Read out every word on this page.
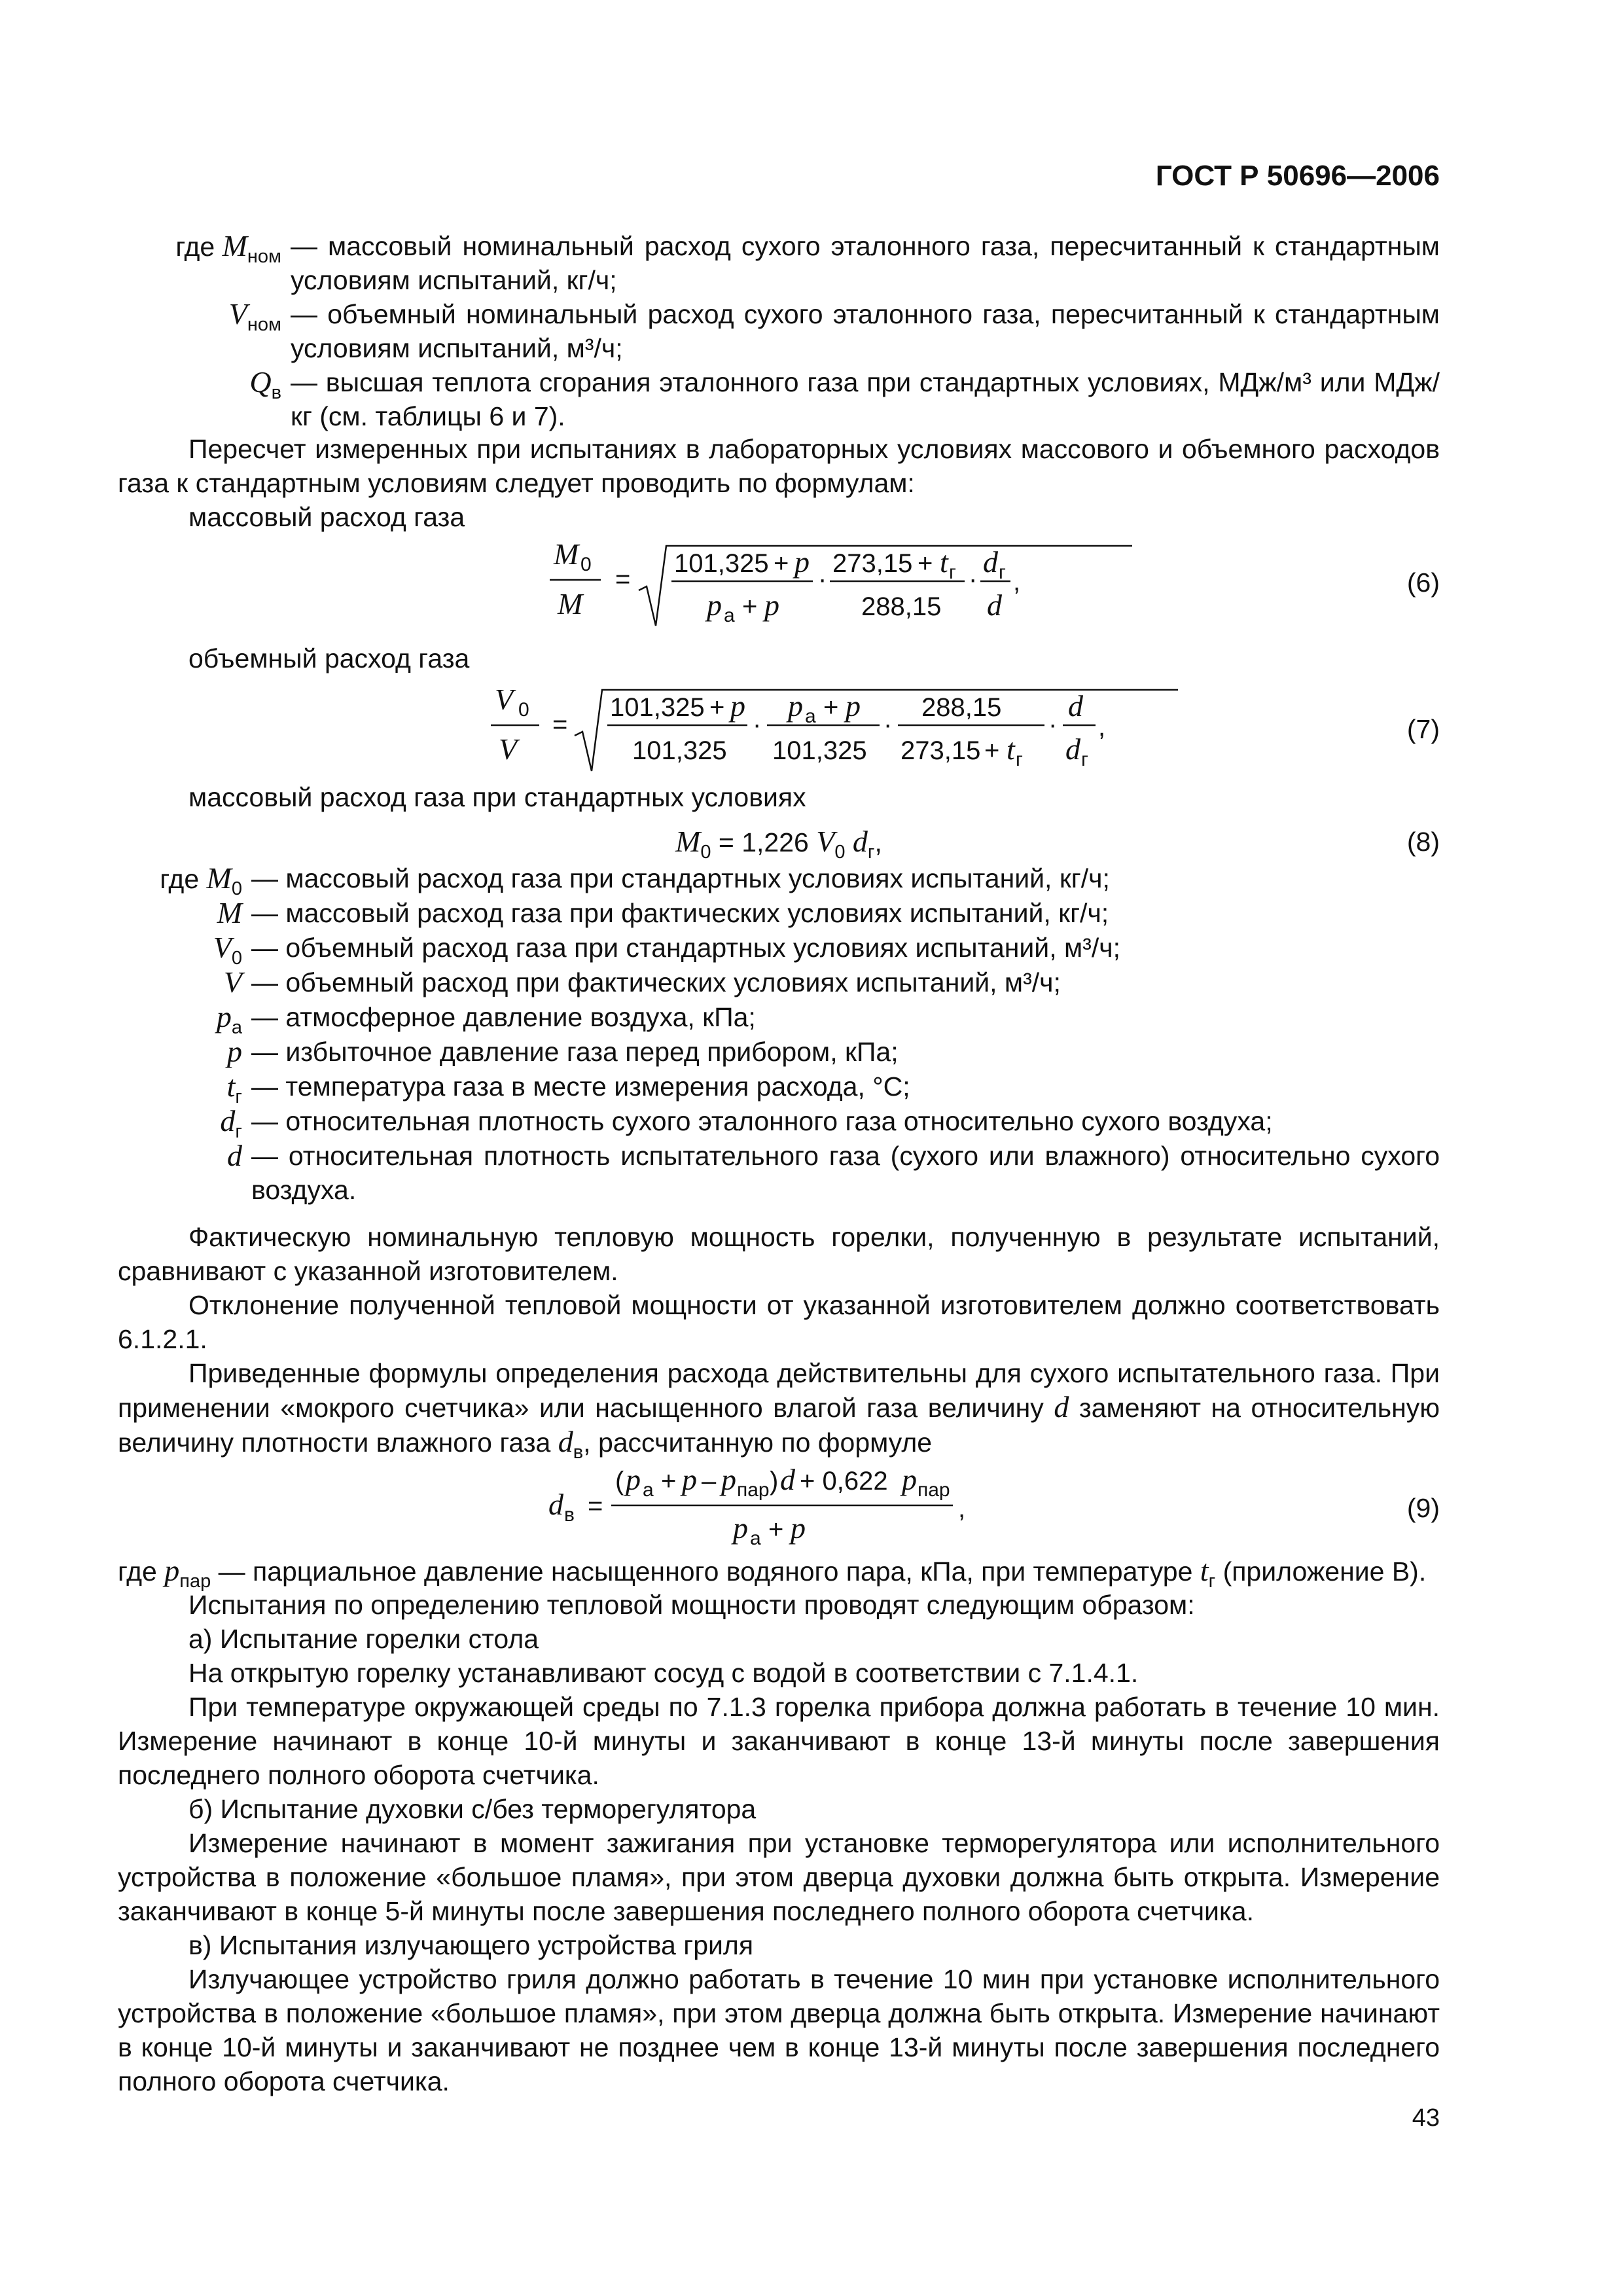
ГОСТ Р 50696—2006
где $M_{ном}$ — массовый номинальный расход сухого эталонного газа, пересчитанный к стандартным условиям испытаний, кг/ч;
$V_{ном}$ — объемный номинальный расход сухого эталонного газа, пересчитанный к стандартным условиям испытаний, м³/ч;
$Q_в$ — высшая теплота сгорания эталонного газа при стандартных условиях, МДж/м³ или МДж/кг (см. таблицы 6 и 7).

Пересчет измеренных при испытаниях в лабораторных условиях массового и объемного расходов газа к стандартным условиям следует проводить по формулам:

массовый расход газа

M 0
M
=
101,325 + p
p а + p
·
273,15 + t г
288,15
·
d г
d
,	(6)

объемный расход газа

V 0
V
=
101,325 + p
101,325
·
p а + p
101,325
·
288,15
273,15 + t г
·
d
d г
,	(7)

массовый расход газа при стандартных условиях

$M_0 = 1,226$ $V_0$ $d_г$,	(8)
где $M_0$ — массовый расход газа при стандартных условиях испытаний, кг/ч;
M — массовый расход газа при фактических условиях испытаний, кг/ч;
$V_0$ — объемный расход газа при стандартных условиях испытаний, м³/ч;
V — объемный расход при фактических условиях испытаний, м³/ч;
$p_а$ — атмосферное давление воздуха, кПа;
p — избыточное давление газа перед прибором, кПа;
$t_г$ — температура газа в месте измерения расхода, °С;
$d_г$ — относительная плотность сухого эталонного газа относительно сухого воздуха;
d — относительная плотность испытательного газа (сухого или влажного) относительно сухого воздуха.

Фактическую номинальную тепловую мощность горелки, полученную в результате испытаний, сравнивают с указанной изготовителем.

Отклонение полученной тепловой мощности от указанной изготовителем должно соответствовать 6.1.2.1.

Приведенные формулы определения расхода действительны для сухого испытательного газа. При применении «мокрого счетчика» или насыщенного влагой газа величину d заменяют на относительную величину плотности влажного газа $d_в$, рассчитанную по формуле

d в =
( p а + p – p пар ) d + 0,622 p пар
p а + p
,	(9)

где $p_{пар}$ — парциальное давление насыщенного водяного пара, кПа, при температуре $t_г$ (приложение В).

Испытания по определению тепловой мощности проводят следующим образом:

а) Испытание горелки стола

На открытую горелку устанавливают сосуд с водой в соответствии с 7.1.4.1.

При температуре окружающей среды по 7.1.3 горелка прибора должна работать в течение 10 мин. Измерение начинают в конце 10-й минуты и заканчивают в конце 13-й минуты после завершения последнего полного оборота счетчика.

б) Испытание духовки с/без терморегулятора

Измерение начинают в момент зажигания при установке терморегулятора или исполнительного устройства в положение «большое пламя», при этом дверца духовки должна быть открыта. Измерение заканчивают в конце 5-й минуты после завершения последнего полного оборота счетчика.

в) Испытания излучающего устройства гриля

Излучающее устройство гриля должно работать в течение 10 мин при установке исполнительного устройства в положение «большое пламя», при этом дверца должна быть открыта. Измерение начинают в конце 10-й минуты и заканчивают не позднее чем в конце 13-й минуты после завершения последнего полного оборота счетчика.

43
